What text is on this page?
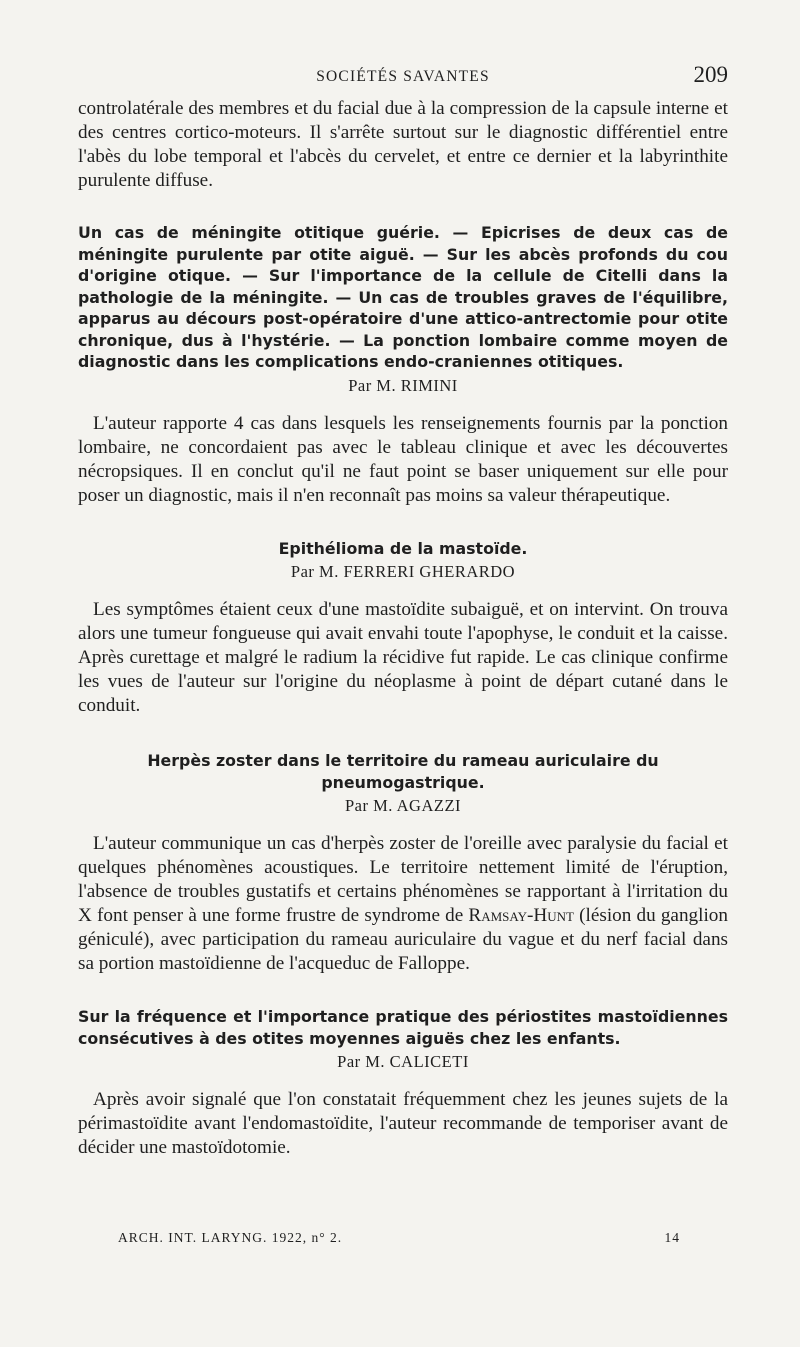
SOCIÉTÉS SAVANTES	209

controlatérale des membres et du facial due à la compression de la capsule interne et des centres cortico-moteurs. Il s'arrête surtout sur le diagnostic différentiel entre l'abès du lobe temporal et l'abcès du cervelet, et entre ce dernier et la labyrinthite purulente diffuse.

Un cas de méningite otitique guérie. — Epicrises de deux cas de méningite purulente par otite aiguë. — Sur les abcès profonds du cou d'origine otique. — Sur l'importance de la cellule de Citelli dans la pathologie de la méningite. — Un cas de troubles graves de l'équilibre, apparus au décours post-opératoire d'une attico-antrectomie pour otite chronique, dus à l'hystérie. — La ponction lombaire comme moyen de diagnostic dans les complications endo-craniennes otitiques.

Par M. RIMINI

L'auteur rapporte 4 cas dans lesquels les renseignements fournis par la ponction lombaire, ne concordaient pas avec le tableau clinique et avec les découvertes nécropsiques. Il en conclut qu'il ne faut point se baser uniquement sur elle pour poser un diagnostic, mais il n'en reconnaît pas moins sa valeur thérapeutique.

Epithélioma de la mastoïde.

Par M. FERRERI GHERARDO

Les symptômes étaient ceux d'une mastoïdite subaiguë, et on intervint. On trouva alors une tumeur fongueuse qui avait envahi toute l'apophyse, le conduit et la caisse. Après curettage et malgré le radium la récidive fut rapide. Le cas clinique confirme les vues de l'auteur sur l'origine du néoplasme à point de départ cutané dans le conduit.

Herpès zoster dans le territoire du rameau auriculaire du pneumogastrique.

Par M. AGAZZI

L'auteur communique un cas d'herpès zoster de l'oreille avec paralysie du facial et quelques phénomènes acoustiques. Le territoire nettement limité de l'éruption, l'absence de troubles gustatifs et certains phénomènes se rapportant à l'irritation du X font penser à une forme frustre de syndrome de Ramsay-Hunt (lésion du ganglion géniculé), avec participation du rameau auriculaire du vague et du nerf facial dans sa portion mastoïdienne de l'acqueduc de Falloppe.

Sur la fréquence et l'importance pratique des périostites mastoïdiennes consécutives à des otites moyennes aiguës chez les enfants.

Par M. CALICETI

Après avoir signalé que l'on constatait fréquemment chez les jeunes sujets de la périmastoïdite avant l'endomastoïdite, l'auteur recommande de temporiser avant de décider une mastoïdotomie.

ARCH. INT. LARYNG. 1922, n° 2.	14
